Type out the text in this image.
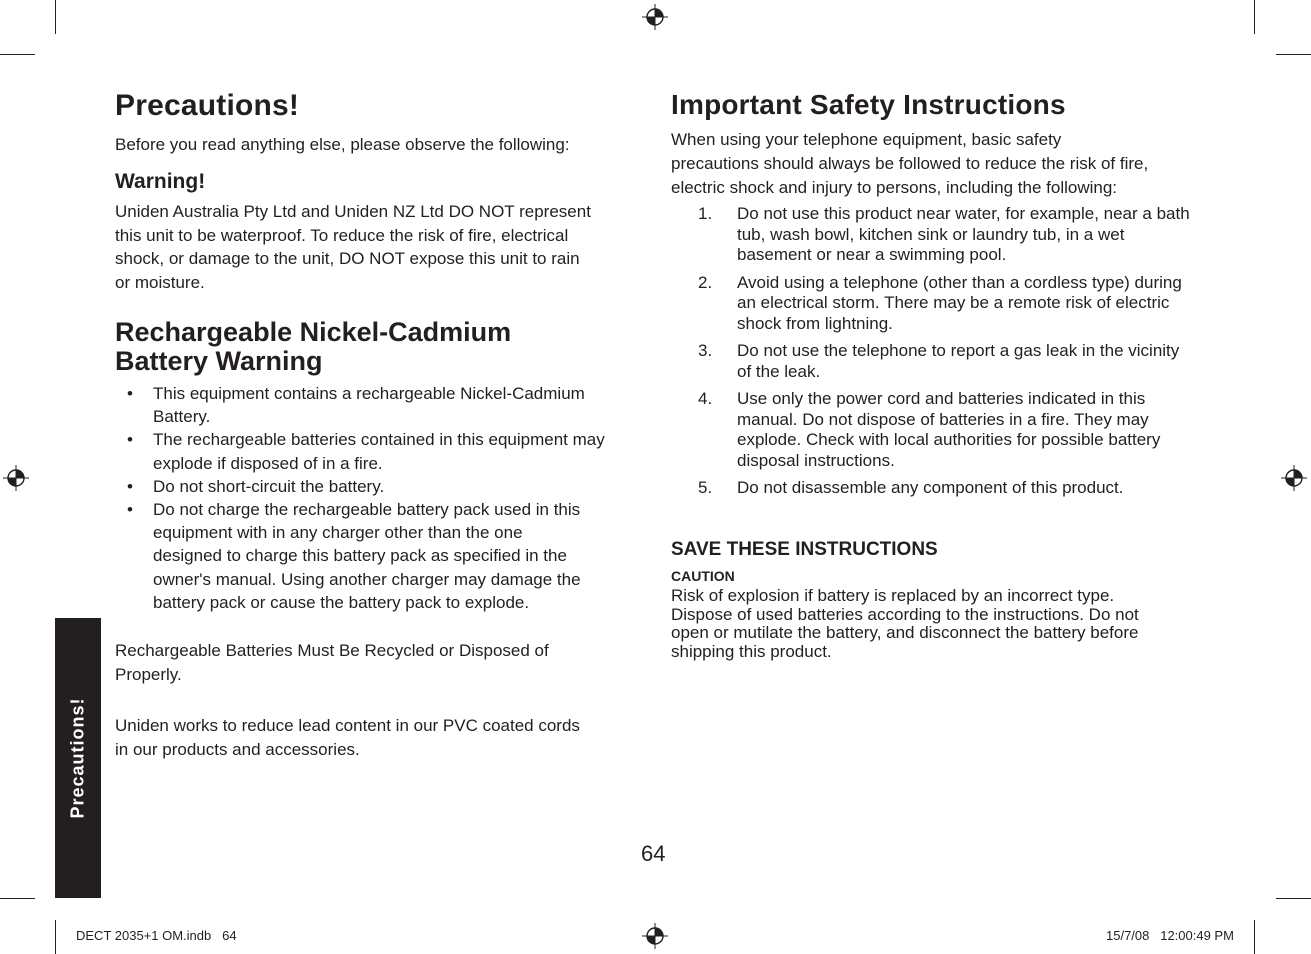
Precautions!
Precautions!
Before you read anything else, please observe the following:
Warning!
Uniden Australia Pty Ltd and Uniden NZ Ltd DO NOT represent
this unit to be waterproof. To reduce the risk of fire, electrical
shock, or damage to the unit, DO NOT expose this unit to rain
or moisture.
Rechargeable Nickel-Cadmium
Battery Warning
• This equipment contains a rechargeable Nickel-Cadmium Battery.
• The rechargeable batteries contained in this equipment may explode if disposed of in a fire.
• Do not short-circuit the battery.
• Do not charge the rechargeable battery pack used in this equipment with in any charger other than the one designed to charge this battery pack as specified in the owner's manual. Using another charger may damage the battery pack or cause the battery pack to explode.
Rechargeable Batteries Must Be Recycled or Disposed of
Properly.
Uniden works to reduce lead content in our PVC coated cords
in our products and accessories.
Important Safety Instructions
When using your telephone equipment, basic safety
precautions should always be followed to reduce the risk of fire,
electric shock and injury to persons, including the following:
1. Do not use this product near water, for example, near a bath tub, wash bowl, kitchen sink or laundry tub, in a wet basement or near a swimming pool.
2. Avoid using a telephone (other than a cordless type) during an electrical storm. There may be a remote risk of electric shock from lightning.
3. Do not use the telephone to report a gas leak in the vicinity of the leak.
4. Use only the power cord and batteries indicated in this manual. Do not dispose of batteries in a fire. They may explode. Check with local authorities for possible battery disposal instructions.
5. Do not disassemble any component of this product.
SAVE THESE INSTRUCTIONS
CAUTION
Risk of explosion if battery is replaced by an incorrect type.
Dispose of used batteries according to the instructions. Do not
open or mutilate the battery, and disconnect the battery before
shipping this product.
64
DECT 2035+1 OM.indb   64	15/7/08   12:00:49 PM
